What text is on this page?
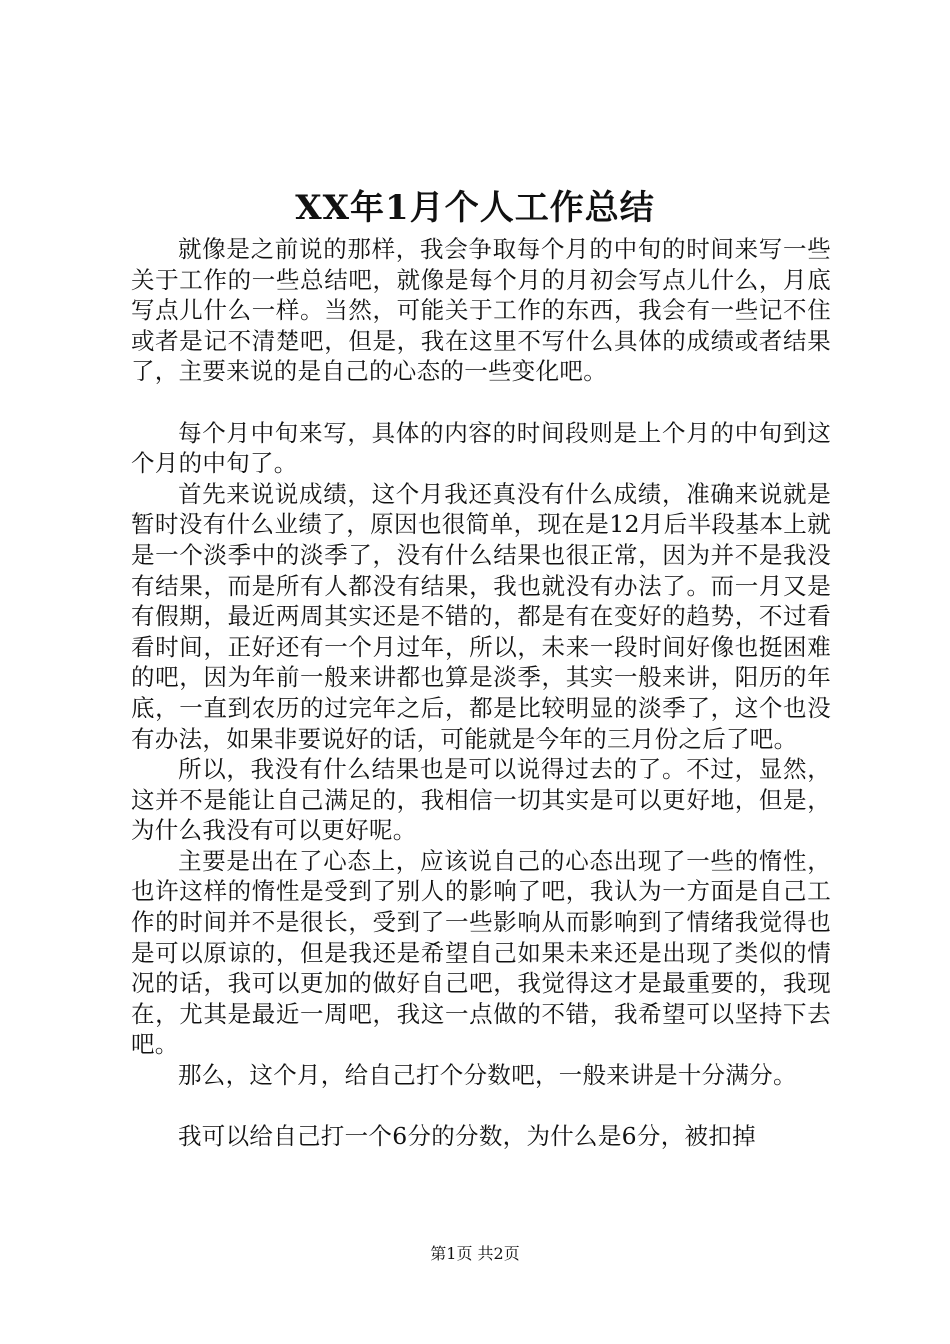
XX年1月个人工作总结

就像是之前说的那样，我会争取每个月的中旬的时间来写一些关于工作的一些总结吧，就像是每个月的月初会写点儿什么，月底写点儿什么一样。当然，可能关于工作的东西，我会有一些记不住或者是记不清楚吧，但是，我在这里不写什么具体的成绩或者结果了，主要来说的是自己的心态的一些变化吧。

每个月中旬来写，具体的内容的时间段则是上个月的中旬到这个月的中旬了。

首先来说说成绩，这个月我还真没有什么成绩，准确来说就是暂时没有什么业绩了，原因也很简单，现在是12月后半段基本上就是一个淡季中的淡季了，没有什么结果也很正常，因为并不是我没有结果，而是所有人都没有结果，我也就没有办法了。而一月又是有假期，最近两周其实还是不错的，都是有在变好的趋势，不过看看时间，正好还有一个月过年，所以，未来一段时间好像也挺困难的吧，因为年前一般来讲都也算是淡季，其实一般来讲，阳历的年底，一直到农历的过完年之后，都是比较明显的淡季了，这个也没有办法，如果非要说好的话，可能就是今年的三月份之后了吧。

所以，我没有什么结果也是可以说得过去的了。不过，显然，这并不是能让自己满足的，我相信一切其实是可以更好地，但是，为什么我没有可以更好呢。

主要是出在了心态上，应该说自己的心态出现了一些的惰性，也许这样的惰性是受到了别人的影响了吧，我认为一方面是自己工作的时间并不是很长，受到了一些影响从而影响到了情绪我觉得也是可以原谅的，但是我还是希望自己如果未来还是出现了类似的情况的话，我可以更加的做好自己吧，我觉得这才是最重要的，我现在，尤其是最近一周吧，我这一点做的不错，我希望可以坚持下去吧。

那么，这个月，给自己打个分数吧，一般来讲是十分满分。

我可以给自己打一个6分的分数，为什么是6分，被扣掉

第1页 共2页
